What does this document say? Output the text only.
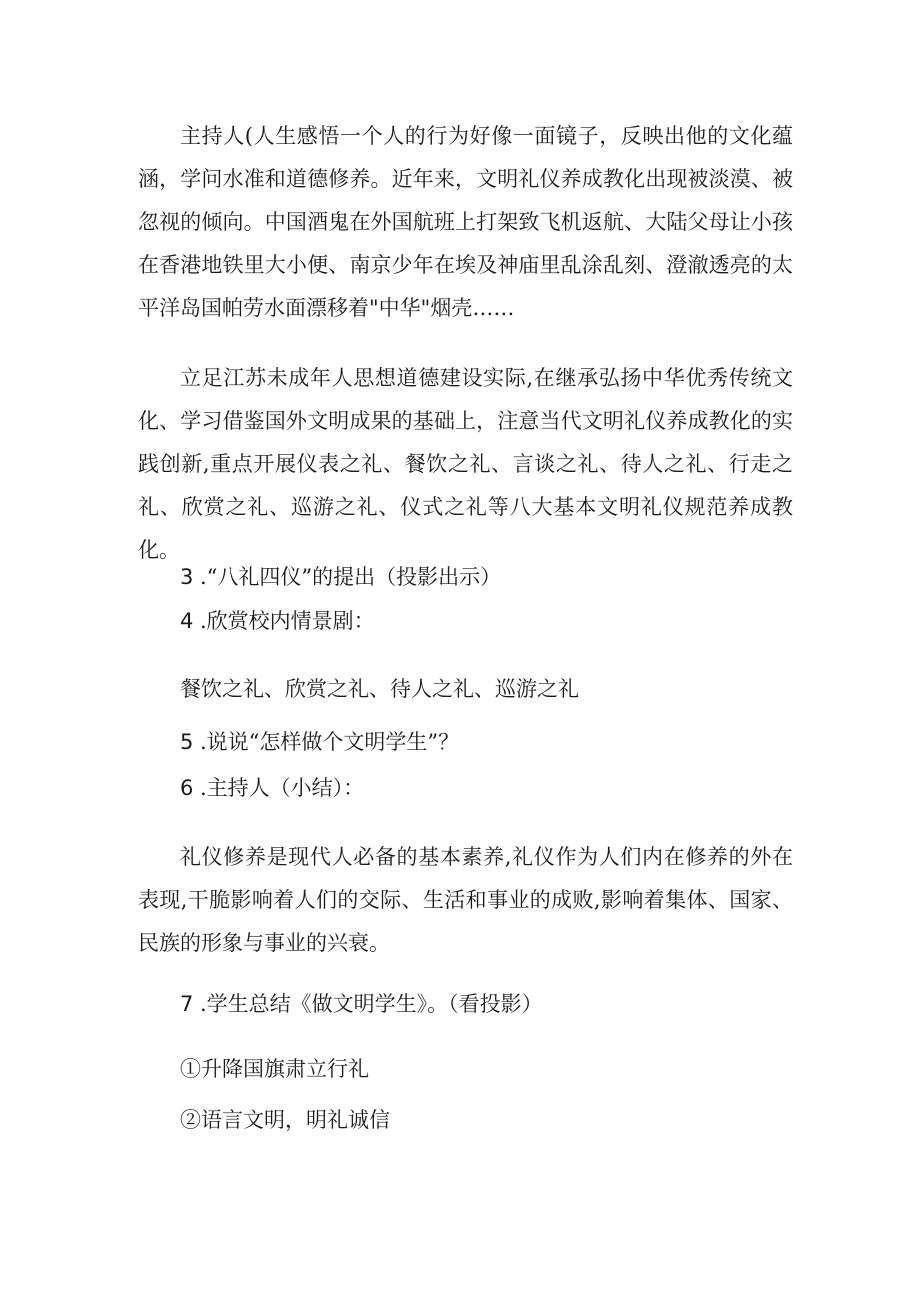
主持人(人生感悟一个人的行为好像一面镜子，反映出他的文化蕴涵，学问水准和道德修养。近年来，文明礼仪养成教化出现被淡漠、被忽视的倾向。中国酒鬼在外国航班上打架致飞机返航、大陆父母让小孩在香港地铁里大小便、南京少年在埃及神庙里乱涂乱刻、澄澈透亮的太平洋岛国帕劳水面漂移着"中华"烟壳……
立足江苏未成年人思想道德建设实际,在继承弘扬中华优秀传统文化、学习借鉴国外文明成果的基础上，注意当代文明礼仪养成教化的实践创新,重点开展仪表之礼、餐饮之礼、言谈之礼、待人之礼、行走之礼、欣赏之礼、巡游之礼、仪式之礼等八大基本文明礼仪规范养成教化。
3 .“八礼四仪”的提出（投影出示）
4 .欣赏校内情景剧：
餐饮之礼、欣赏之礼、待人之礼、巡游之礼
5 .说说“怎样做个文明学生”？
6 .主持人（小结）：
礼仪修养是现代人必备的基本素养,礼仪作为人们内在修养的外在表现,干脆影响着人们的交际、生活和事业的成败,影响着集体、国家、民族的形象与事业的兴衰。
7 .学生总结《做文明学生》。（看投影）
①升降国旗肃立行礼
②语言文明，明礼诚信
